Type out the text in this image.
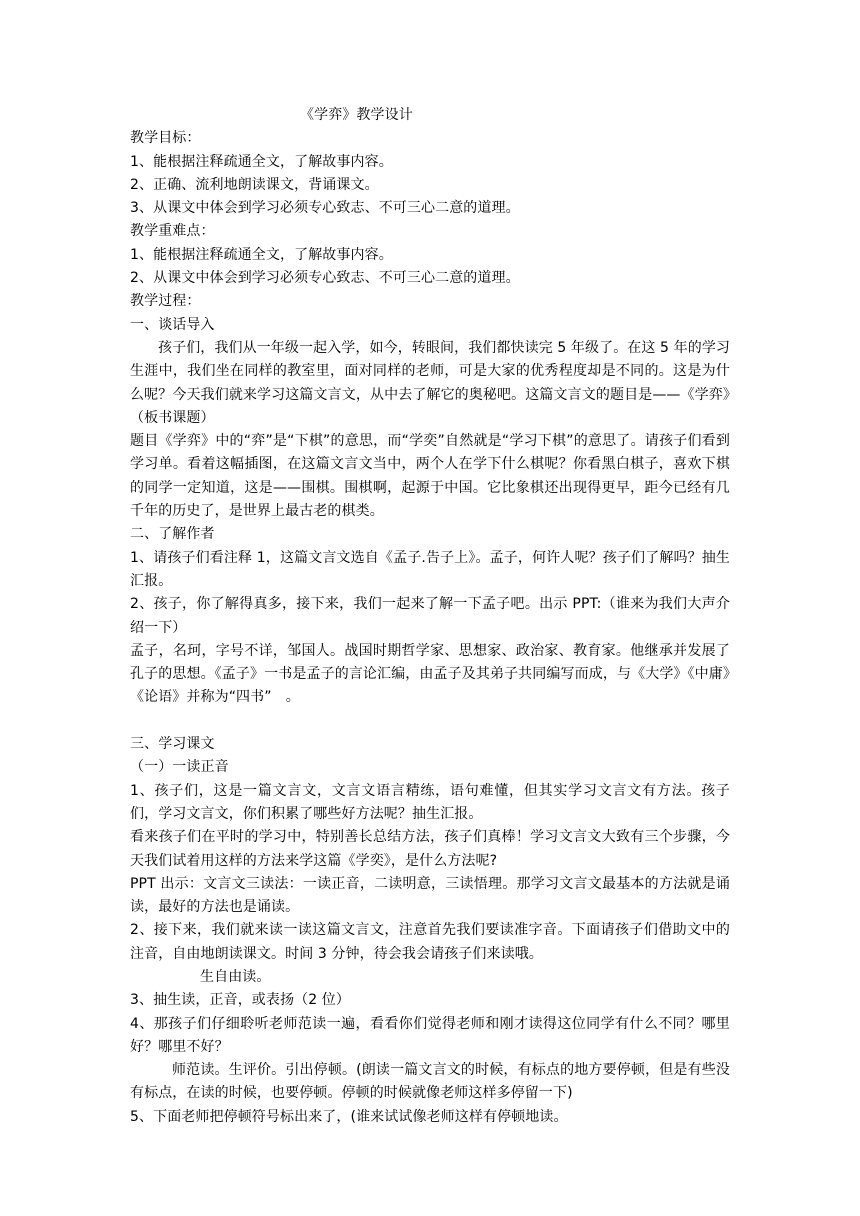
《学弈》教学设计
教学目标：
1、能根据注释疏通全文，了解故事内容。
2、正确、流利地朗读课文，背诵课文。
3、从课文中体会到学习必须专心致志、不可三心二意的道理。
教学重难点：
1、能根据注释疏通全文，了解故事内容。
2、从课文中体会到学习必须专心致志、不可三心二意的道理。
教学过程：
一、谈话导入
孩子们，我们从一年级一起入学，如今，转眼间，我们都快读完 5 年级了。在这 5 年的学习生涯中，我们坐在同样的教室里，面对同样的老师，可是大家的优秀程度却是不同的。这是为什么呢？今天我们就来学习这篇文言文，从中去了解它的奥秘吧。这篇文言文的题目是——《学弈》（板书课题）
题目《学弈》中的“弈”是“下棋”的意思，而“学奕”自然就是“学习下棋”的意思了。请孩子们看到学习单。看着这幅插图，在这篇文言文当中，两个人在学下什么棋呢？你看黑白棋子，喜欢下棋的同学一定知道，这是——围棋。围棋啊，起源于中国。它比象棋还出现得更早，距今已经有几千年的历史了，是世界上最古老的棋类。
二、了解作者
1、请孩子们看注释 1，这篇文言文选自《孟子.告子上》。孟子，何许人呢？孩子们了解吗？抽生汇报。
2、孩子，你了解得真多，接下来，我们一起来了解一下孟子吧。出示 PPT:（谁来为我们大声介绍一下）
孟子，名珂，字号不详，邹国人。战国时期哲学家、思想家、政治家、教育家。他继承并发展了孔子的思想。《孟子》一书是孟子的言论汇编，由孟子及其弟子共同编写而成，与《大学》《中庸》《论语》并称为“四书”　。
三、学习课文
（一）一读正音
1、孩子们，这是一篇文言文，文言文语言精练，语句难懂，但其实学习文言文有方法。孩子们，学习文言文，你们积累了哪些好方法呢？抽生汇报。
看来孩子们在平时的学习中，特别善长总结方法，孩子们真棒！学习文言文大致有三个步骤，今天我们试着用这样的方法来学这篇《学奕》，是什么方法呢?
PPT 出示：文言文三读法：一读正音，二读明意，三读悟理。那学习文言文最基本的方法就是诵读，最好的方法也是诵读。
2、接下来，我们就来读一读这篇文言文，注意首先我们要读准字音。下面请孩子们借助文中的注音，自由地朗读课文。时间 3 分钟，待会我会请孩子们来读哦。
生自由读。
3、抽生读，正音，或表扬（2 位）
4、那孩子们仔细聆听老师范读一遍，看看你们觉得老师和刚才读得这位同学有什么不同？哪里好？哪里不好？
师范读。生评价。引出停顿。(朗读一篇文言文的时候，有标点的地方要停顿，但是有些没有标点，在读的时候，也要停顿。停顿的时候就像老师这样多停留一下)
5、下面老师把停顿符号标出来了，(谁来试试像老师这样有停顿地读。
